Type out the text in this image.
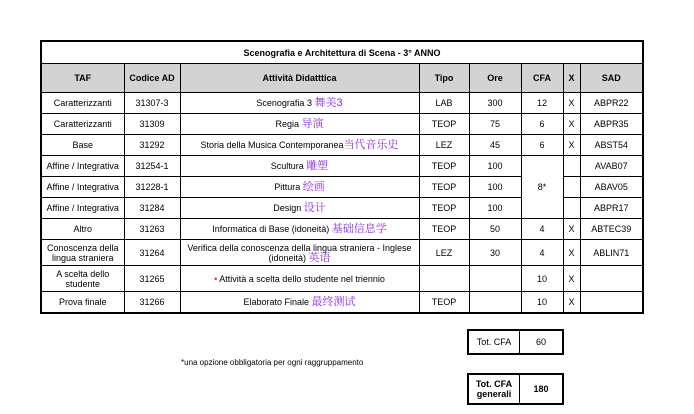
Scenografia e Architettura di Scena - 3° ANNO							
TAF	Codice AD	Attività Didatttica	Tipo	Ore	CFA	X	SAD
Caratterizzanti	31307-3	Scenografia 3 舞美3	LAB	300	12	X	ABPR22
Caratterizzanti	31309	Regia 导演	TEOP	75	6	X	ABPR35
Base	31292	Storia della Musica Contemporanea当代音乐史	LEZ	45	6	X	ABST54
Affine / Integrativa	31254-1	Scultura 雕塑	TEOP	100	8*		AVAB07
Affine / Integrativa	31228-1	Pittura 绘画	TEOP	100			ABAV05
Affine / Integrativa	31284	Design 设计	TEOP	100			ABPR17
Altro	31263	Informatica di Base (idoneità) 基础信息学	TEOP	50	4	X	ABTEC39
Conoscenza della lingua straniera	31264	Verifica della conoscenza della lingua straniera - Inglese (idoneità) 英语	LEZ	30	4	X	ABLIN71
A scelta dello studente	31265	• Attività a scelta dello studente nel triennio			10	X	
Prova finale	31266	Elaborato Finale 最终测试	TEOP		10	X	
Tot. CFA	60
*una opzione obbligatoria per ogni raggruppamento
Tot. CFA generali	180
